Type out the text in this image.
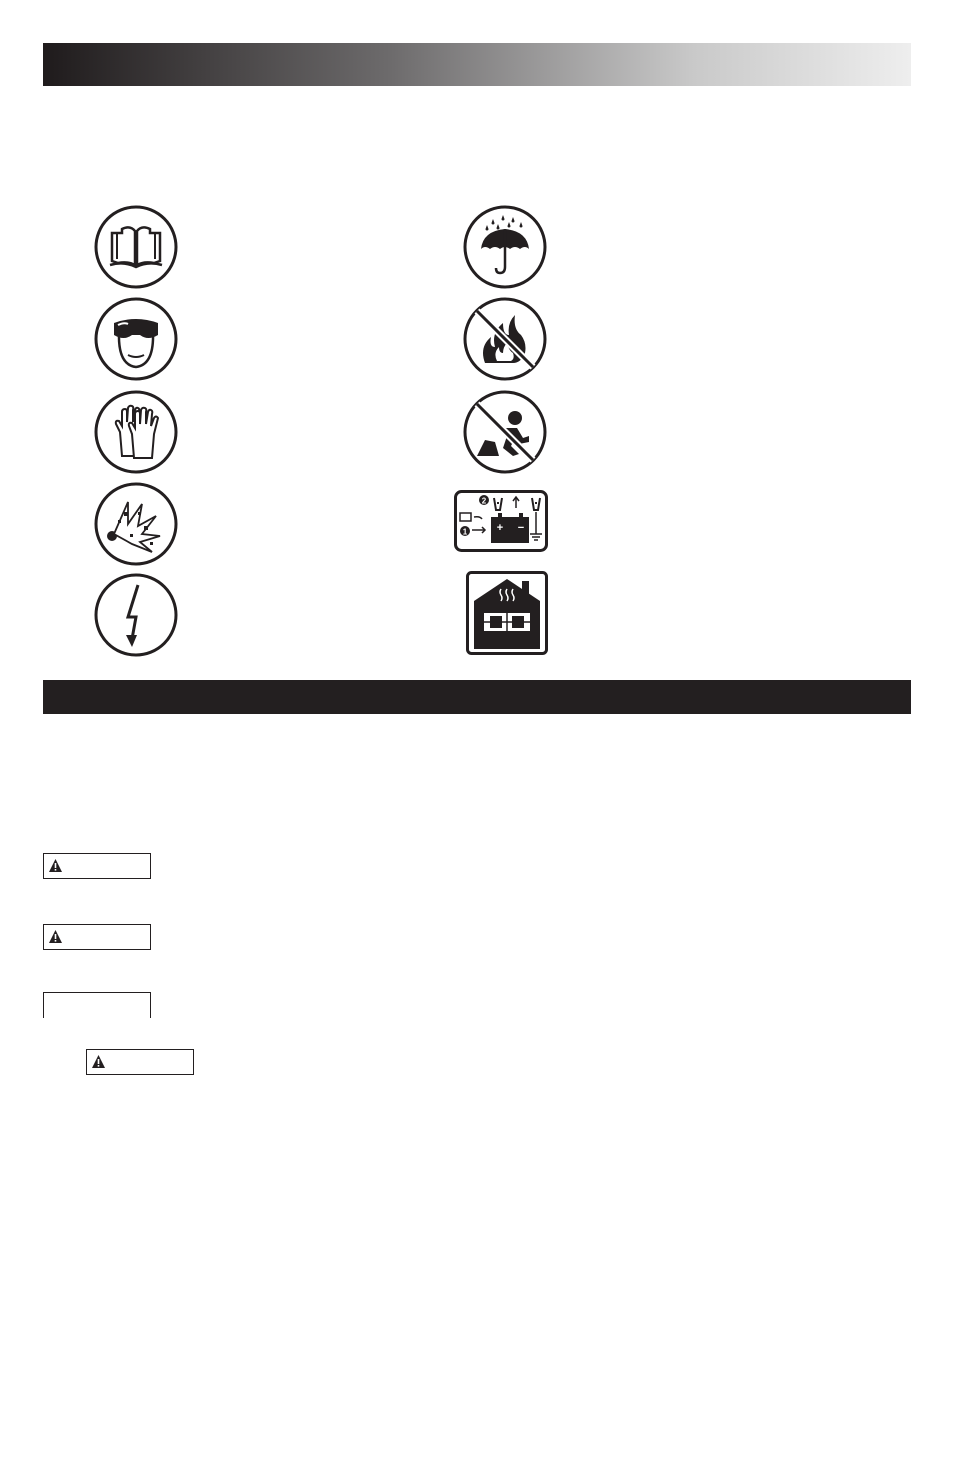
2
1	+ −
